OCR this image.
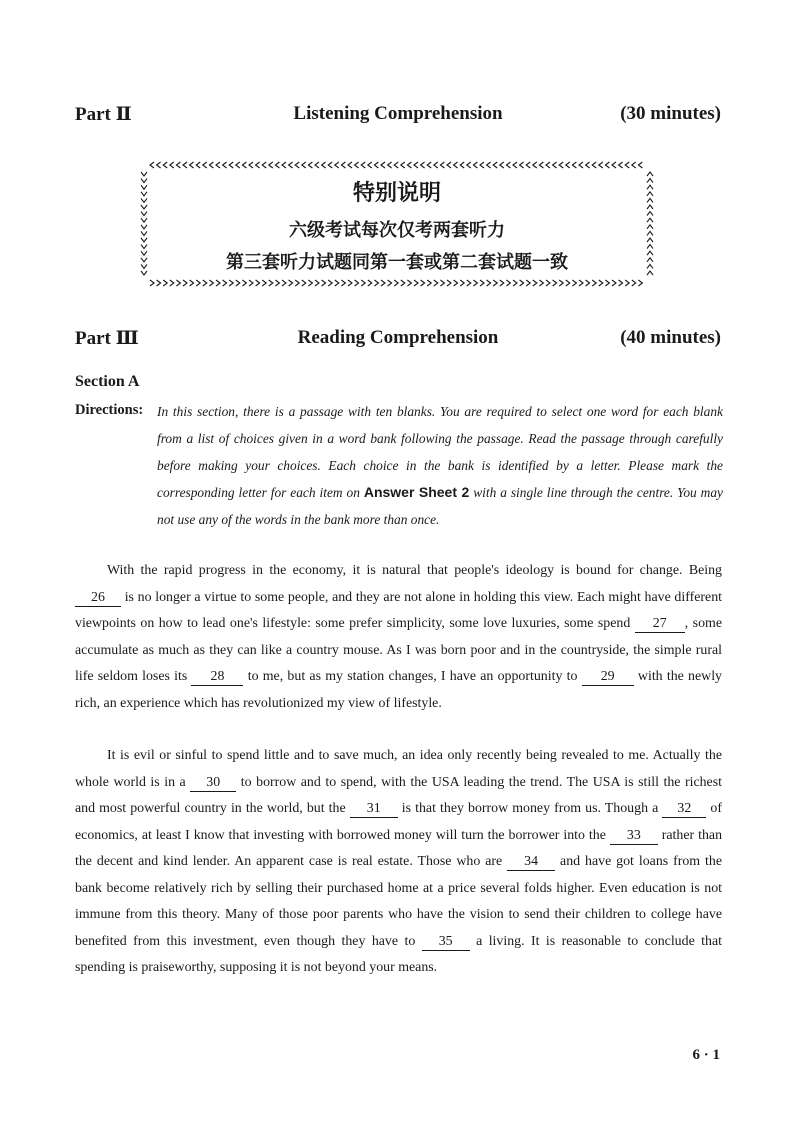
Part Ⅱ	Listening Comprehension	(30 minutes)
特别说明
六级考试每次仅考两套听力
第三套听力试题同第一套或第二套试题一致
Part Ⅲ	Reading Comprehension	(40 minutes)
Section A
Directions: In this section, there is a passage with ten blanks. You are required to select one word for each blank from a list of choices given in a word bank following the passage. Read the passage through carefully before making your choices. Each choice in the bank is identified by a letter. Please mark the corresponding letter for each item on Answer Sheet 2 with a single line through the centre. You may not use any of the words in the bank more than once.

With the rapid progress in the economy, it is natural that people's ideology is bound for change. Being 26 is no longer a virtue to some people, and they are not alone in holding this view. Each might have different viewpoints on how to lead one's lifestyle: some prefer simplicity, some love luxuries, some spend 27 , some accumulate as much as they can like a country mouse. As I was born poor and in the countryside, the simple rural life seldom loses its 28 to me, but as my station changes, I have an opportunity to 29 with the newly rich, an experience which has revolutionized my view of lifestyle.

It is evil or sinful to spend little and to save much, an idea only recently being revealed to me. Actually the whole world is in a 30 to borrow and to spend, with the USA leading the trend. The USA is still the richest and most powerful country in the world, but the 31 is that they borrow money from us. Though a 32 of economics, at least I know that investing with borrowed money will turn the borrower into the 33 rather than the decent and kind lender. An apparent case is real estate. Those who are 34 and have got loans from the bank become relatively rich by selling their purchased home at a price several folds higher. Even education is not immune from this theory. Many of those poor parents who have the vision to send their children to college have benefited from this investment, even though they have to 35 a living. It is reasonable to conclude that spending is praiseworthy, supposing it is not beyond your means.

6 · 1
